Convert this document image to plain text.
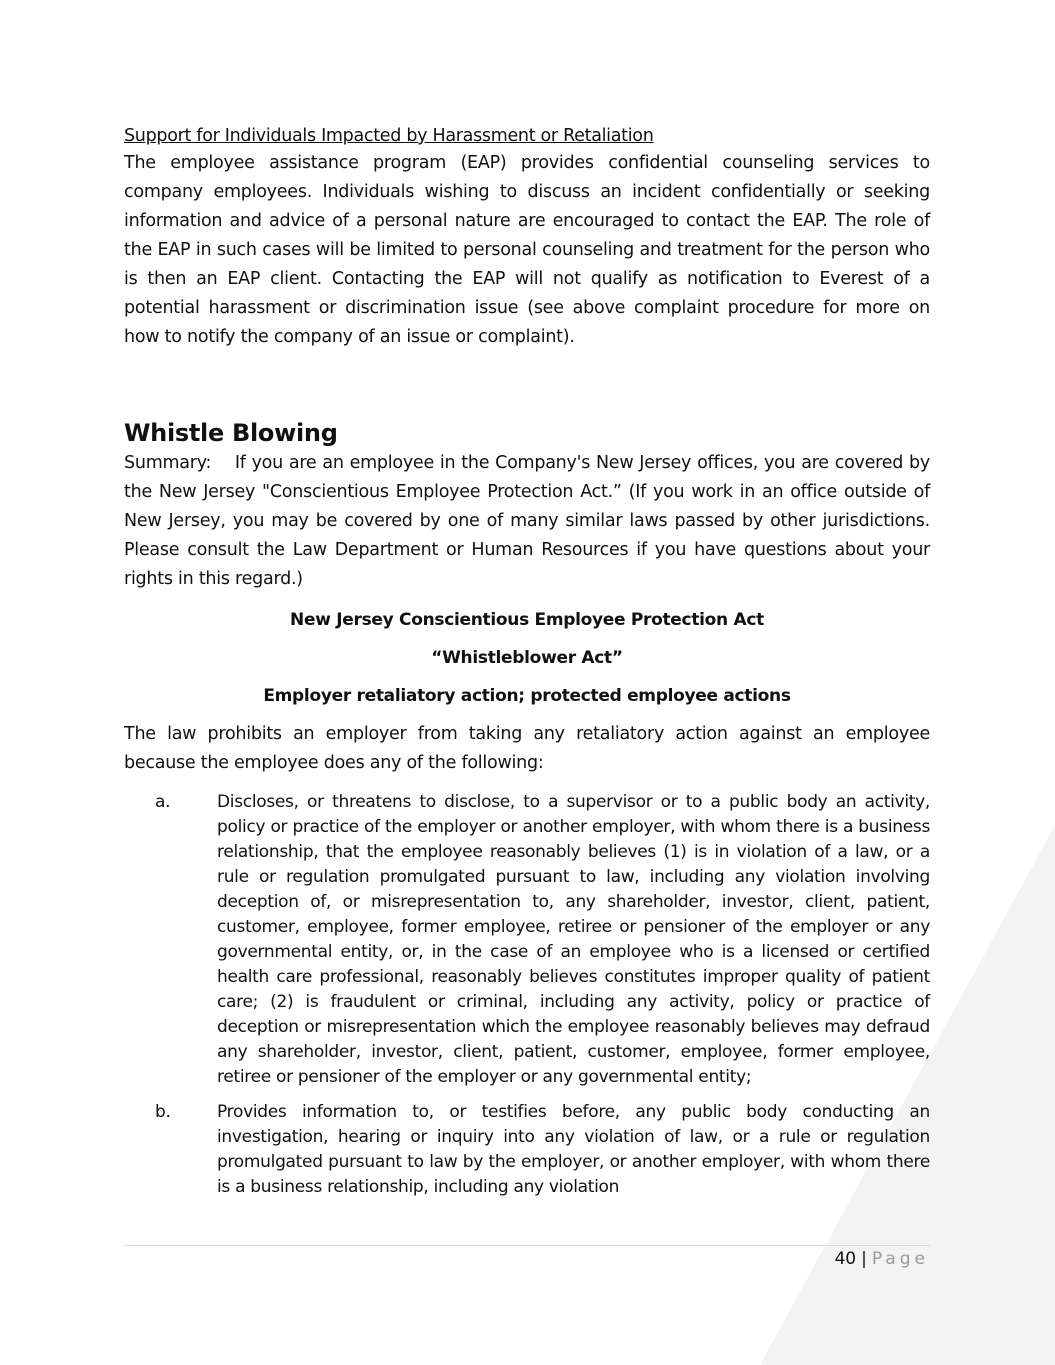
Support for Individuals Impacted by Harassment or Retaliation

The employee assistance program (EAP) provides confidential counseling services to company employees. Individuals wishing to discuss an incident confidentially or seeking information and advice of a personal nature are encouraged to contact the EAP. The role of the EAP in such cases will be limited to personal counseling and treatment for the person who is then an EAP client. Contacting the EAP will not qualify as notification to Everest of a potential harassment or discrimination issue (see above complaint procedure for more on how to notify the company of an issue or complaint).

Whistle Blowing

Summary:    If you are an employee in the Company's New Jersey offices, you are covered by the New Jersey "Conscientious Employee Protection Act.” (If you work in an office outside of New Jersey, you may be covered by one of many similar laws passed by other jurisdictions. Please consult the Law Department or Human Resources if you have questions about your rights in this regard.)

New Jersey Conscientious Employee Protection Act

“Whistleblower Act”

Employer retaliatory action; protected employee actions

The law prohibits an employer from taking any retaliatory action against an employee because the employee does any of the following:

a.	Discloses, or threatens to disclose, to a supervisor or to a public body an activity, policy or practice of the employer or another employer, with whom there is a business relationship, that the employee reasonably believes (1) is in violation of a law, or a rule or regulation promulgated pursuant to law, including any violation involving deception of, or misrepresentation to, any shareholder, investor, client, patient, customer, employee, former employee, retiree or pensioner of the employer or any governmental entity, or, in the case of an employee who is a licensed or certified health care professional, reasonably believes constitutes improper quality of patient care; (2) is fraudulent or criminal, including any activity, policy or practice of deception or misrepresentation which the employee reasonably believes may defraud any shareholder, investor, client, patient, customer, employee, former employee, retiree or pensioner of the employer or any governmental entity;
b.	Provides information to, or testifies before, any public body conducting an investigation, hearing or inquiry into any violation of law, or a rule or regulation promulgated pursuant to law by the employer, or another employer, with whom there is a business relationship, including any violation
40 | Page
